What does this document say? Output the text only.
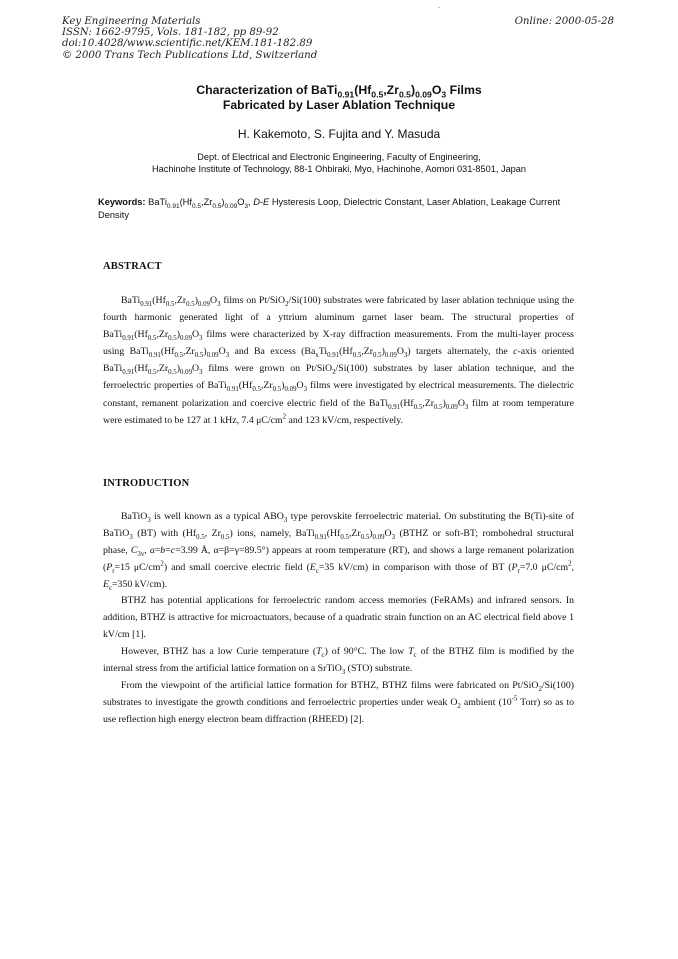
Key Engineering Materials
ISSN: 1662-9795, Vols. 181-182, pp 89-92
doi:10.4028/www.scientific.net/KEM.181-182.89
© 2000 Trans Tech Publications Ltd, Switzerland
Online: 2000-05-28
Characterization of $BaTi_{0.91}(Hf_{0.5},Zr_{0.5})_{0.09}O_3$ Films
Fabricated by Laser Ablation Technique
H. Kakemoto, S. Fujita and Y. Masuda
Dept. of Electrical and Electronic Engineering, Faculty of Engineering,
Hachinohe Institute of Technology, 88-1 Ohbiraki, Myo, Hachinohe, Aomori 031-8501, Japan
Keywords: $BaTi_{0.91}(Hf_{0.5},Zr_{0.5})_{0.09}O_3$, D-E Hysteresis Loop, Dielectric Constant, Laser Ablation, Leakage Current Density
ABSTRACT

$BaTi_{0.91}(Hf_{0.5},Zr_{0.5})_{0.09}O_3$ films on Pt/SiO$_2$/Si(100) substrates were fabricated by laser ablation technique using the fourth harmonic generated light of a yttrium aluminum garnet laser beam. The structural properties of $BaTi_{0.91}(Hf_{0.5},Zr_{0.5})_{0.09}O_3$ films were characterized by X-ray diffraction measurements. From the multi-layer process using $BaTi_{0.91}(Hf_{0.5},Zr_{0.5})_{0.09}O_3$ and Ba excess $(Ba_xTi_{0.91}(Hf_{0.5},Zr_{0.5})_{0.09}O_3)$ targets alternately, the c-axis oriented $BaTi_{0.91}(Hf_{0.5},Zr_{0.5})_{0.09}O_3$ films were grown on Pt/SiO$_2$/Si(100) substrates by laser ablation technique, and the ferroelectric properties of $BaTi_{0.91}(Hf_{0.5},Zr_{0.5})_{0.09}O_3$ films were investigated by electrical measurements. The dielectric constant, remanent polarization and coercive electric field of the $BaTi_{0.91}(Hf_{0.5},Zr_{0.5})_{0.09}O_3$ film at room temperature were estimated to be 127 at 1 kHz, 7.4 $\mu C/cm^2$ and 123 kV/cm, respectively.

INTRODUCTION

BaTiO$_3$ is well known as a typical $ABO_3$ type perovskite ferroelectric material. On substituting the B(Ti)-site of BaTiO$_3$ (BT) with ($Hf_{0.5}$, $Zr_{0.5}$) ions, namely, $BaTi_{0.91}(Hf_{0.5},Zr_{0.5})_{0.09}O_3$ (BTHZ or soft-BT; rombohedral structural phase, $C_{3v}$, a=b=c=3.99 Å, α=β=γ=89.5°) appears at room temperature (RT), and shows a large remanent polarization ($P_r=15$ $\mu C/cm^2$) and small coercive electric field ($E_c=35$ kV/cm) in comparison with those of BT ($P_r=7.0$ $\mu C/cm^2$, $E_c=350$ kV/cm).

BTHZ has potential applications for ferroelectric random access memories (FeRAMs) and infrared sensors. In addition, BTHZ is attractive for microactuators, because of a quadratic strain function on an AC electrical field above 1 kV/cm [1].

However, BTHZ has a low Curie temperature $(T_c)$ of 90°C. The low $T_c$ of the BTHZ film is modified by the internal stress from the artificial lattice formation on a SrTiO$_3$ (STO) substrate.

From the viewpoint of the artificial lattice formation for BTHZ, BTHZ films were fabricated on Pt/SiO$_2$/Si(100) substrates to investigate the growth conditions and ferroelectric properties under weak $O_2$ ambient ($10^{-5}$ Torr) so as to use reflection high energy electron beam diffraction (RHEED) [2].
